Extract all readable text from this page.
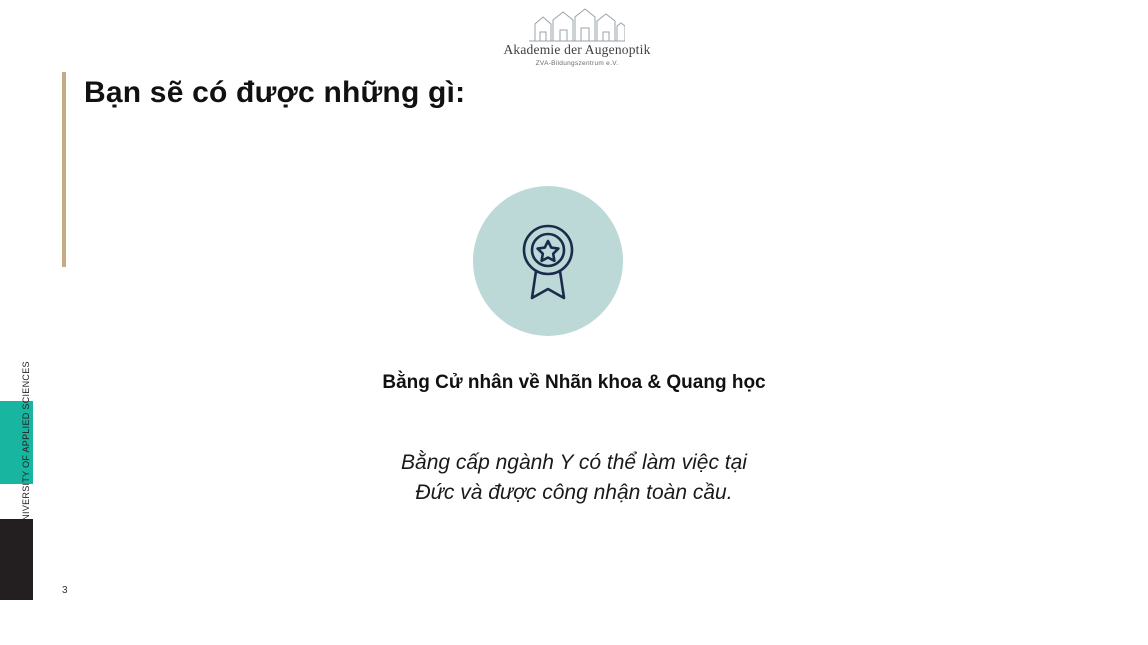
Akademie der Augenoptik
ZVA-Bildungszentrum e.V.
Bạn sẽ có được những gì:
Bằng Cử nhân về Nhãn khoa & Quang học
Bằng cấp ngành Y có thể làm việc tại
Đức và được công nhận toàn cầu.
FH AACHEN UNIVERSITY OF APPLIED SCIENCES
3
